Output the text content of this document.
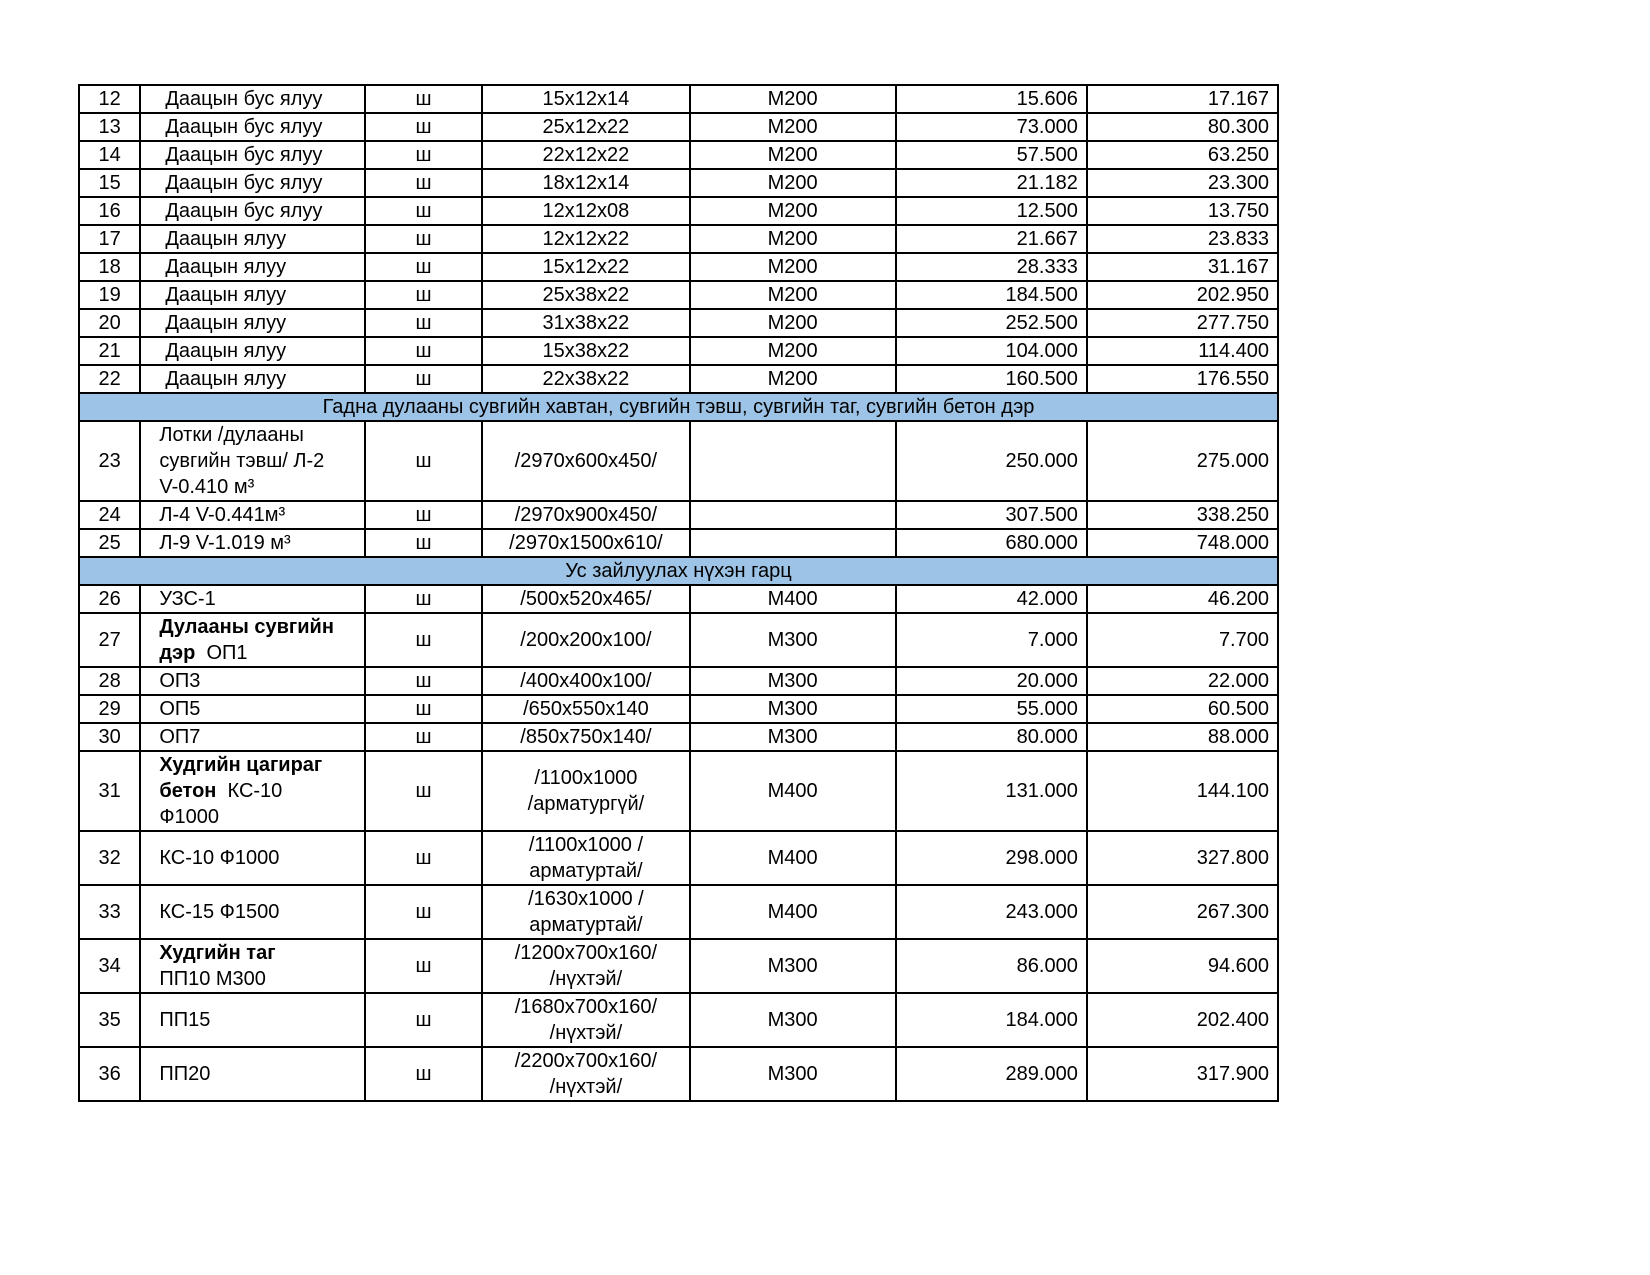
12	Даацын бус ялуу	ш	15x12x14	M200	15.606	17.167
13	Даацын бус ялуу	ш	25x12x22	M200	73.000	80.300
14	Даацын бус ялуу	ш	22x12x22	M200	57.500	63.250
15	Даацын бус ялуу	ш	18x12x14	M200	21.182	23.300
16	Даацын бус ялуу	ш	12x12x08	M200	12.500	13.750
17	Даацын ялуу	ш	12x12x22	M200	21.667	23.833
18	Даацын ялуу	ш	15x12x22	M200	28.333	31.167
19	Даацын ялуу	ш	25x38x22	M200	184.500	202.950
20	Даацын ялуу	ш	31x38x22	M200	252.500	277.750
21	Даацын ялуу	ш	15x38x22	M200	104.000	114.400
22	Даацын ялуу	ш	22x38x22	M200	160.500	176.550
Гадна дулааны сувгийн хавтан, сувгийн тэвш, сувгийн таг, сувгийн бетон дэр						
23	Лотки /дулааны
сувгийн тэвш/ Л-2
V-0.410 м³	ш	/2970x600x450/		250.000	275.000
24	Л-4 V-0.441м³	ш	/2970x900x450/		307.500	338.250
25	Л-9 V-1.019 м³	ш	/2970x1500x610/		680.000	748.000
Ус зайлуулах нүхэн гарц						
26	УЗС-1	ш	/500x520x465/	M400	42.000	46.200
27	Дулааны сувгийн
дэр ОП1	ш	/200x200x100/	M300	7.000	7.700
28	ОП3	ш	/400x400x100/	M300	20.000	22.000
29	ОП5	ш	/650x550x140	M300	55.000	60.500
30	ОП7	ш	/850x750x140/	M300	80.000	88.000
31	Худгийн цагираг
бетон КС-10
Ф1000	ш	/1100x1000
/арматургүй/	M400	131.000	144.100
32	КС-10 Ф1000	ш	/1100x1000 /
арматуртай/	M400	298.000	327.800
33	КС-15 Ф1500	ш	/1630x1000 /
арматуртай/	M400	243.000	267.300
34	Худгийн таг
ПП10 M300	ш	/1200x700x160/
/нүхтэй/	M300	86.000	94.600
35	ПП15	ш	/1680x700x160/
/нүхтэй/	M300	184.000	202.400
36	ПП20	ш	/2200x700x160/
/нүхтэй/	M300	289.000	317.900
